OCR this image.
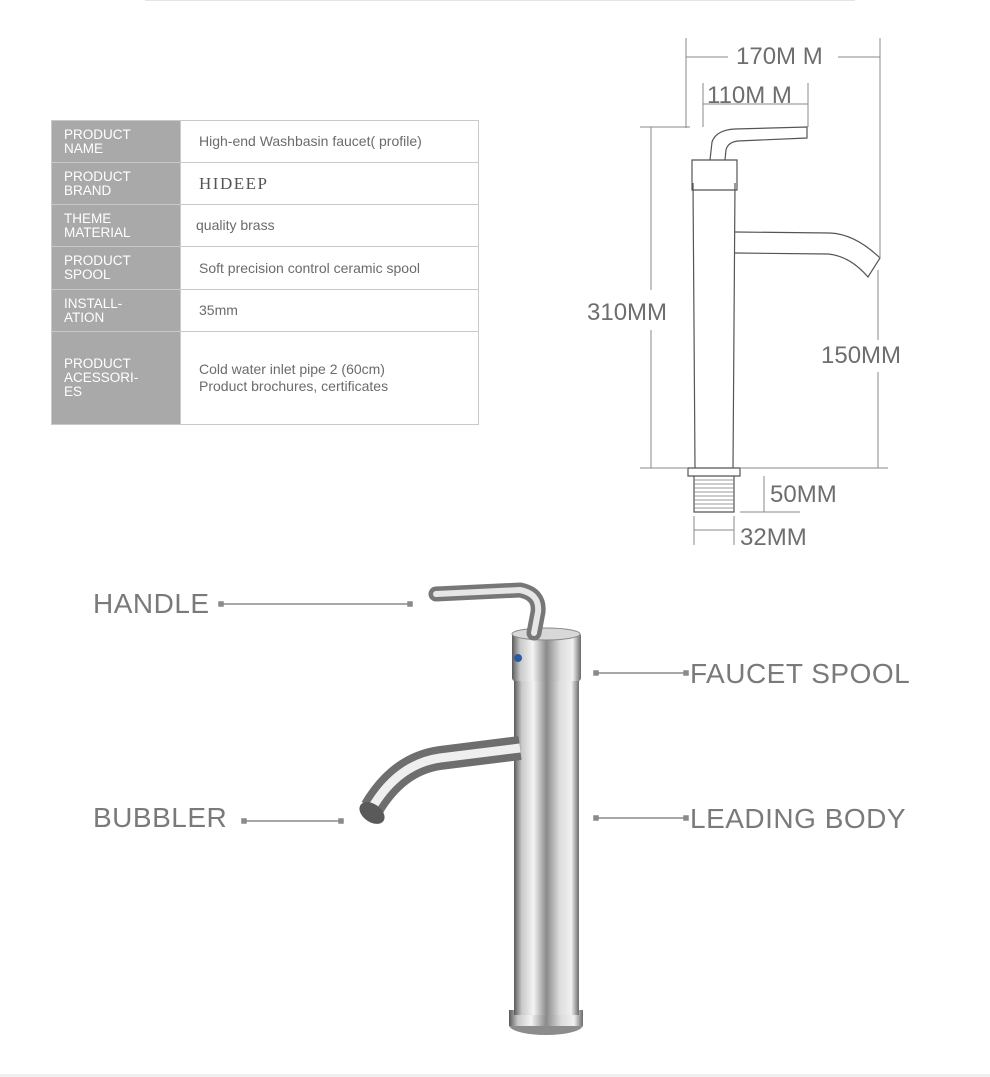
PRODUCT
NAME	High-end Washbasin faucet( profile)
PRODUCT
BRAND	HIDEEP
THEME
MATERIAL	quality brass
PRODUCT
SPOOL	Soft precision control ceramic spool
INSTALL-
ATION	35mm
PRODUCT
ACESSORI-
ES	Cold water inlet pipe 2 (60cm)
Product brochures, certificates
170M M
110M M
310MM
150MM
50MM
32MM
HANDLE
FAUCET SPOOL
BUBBLER	LEADING BODY
